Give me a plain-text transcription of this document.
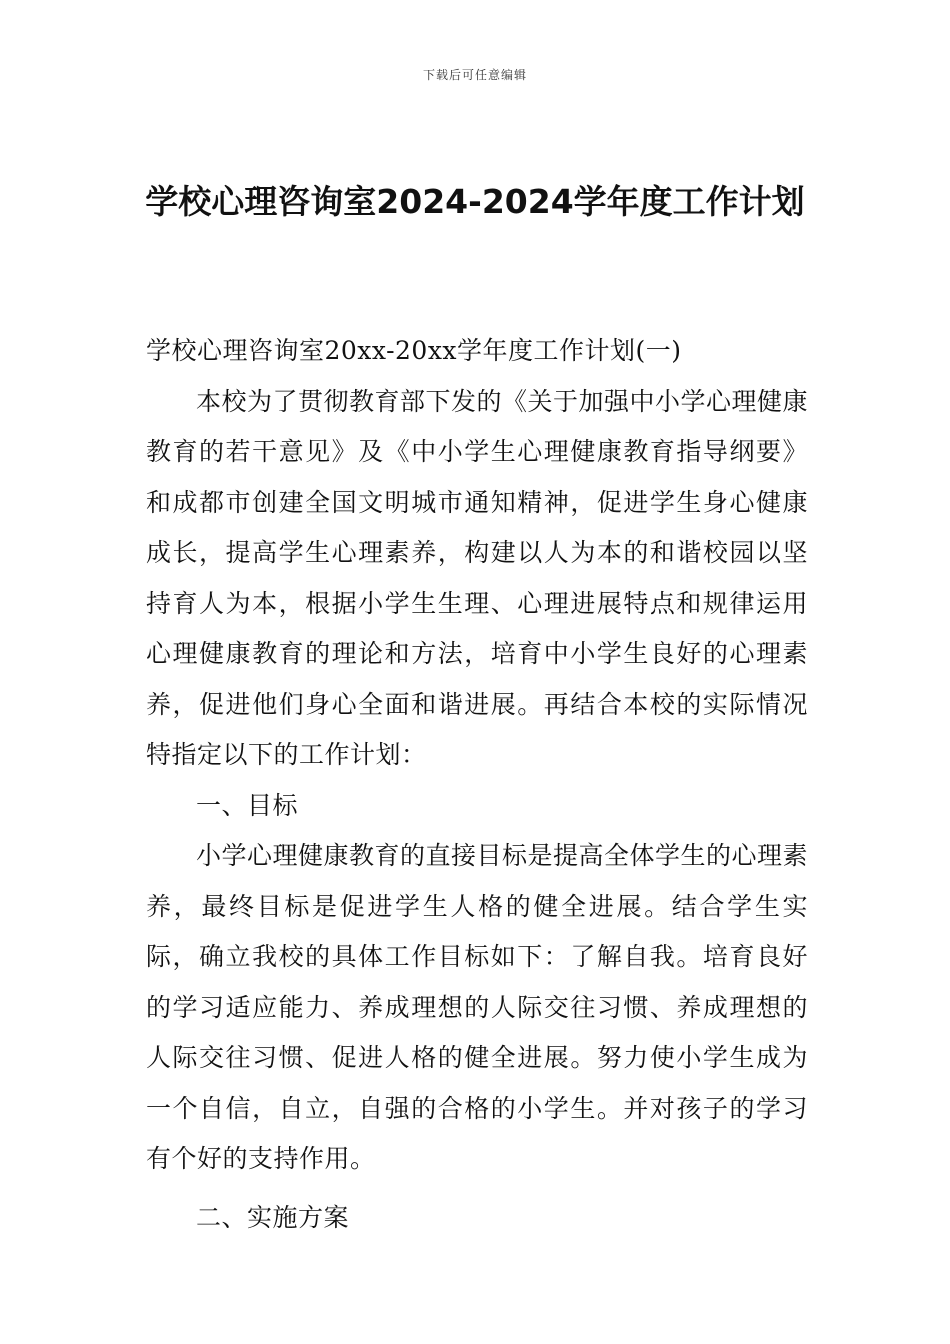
下载后可任意编辑
学校心理咨询室2024-2024学年度工作计划

学校心理咨询室20xx-20xx学年度工作计划(一)

本校为了贯彻教育部下发的《关于加强中小学心理健康教育的若干意见》及《中小学生心理健康教育指导纲要》和成都市创建全国文明城市通知精神，促进学生身心健康成长，提高学生心理素养，构建以人为本的和谐校园以坚持育人为本，根据小学生生理、心理进展特点和规律运用心理健康教育的理论和方法，培育中小学生良好的心理素养，促进他们身心全面和谐进展。再结合本校的实际情况特指定以下的工作计划：

一、目标

小学心理健康教育的直接目标是提高全体学生的心理素养，最终目标是促进学生人格的健全进展。结合学生实际，确立我校的具体工作目标如下：了解自我。培育良好的学习适应能力、养成理想的人际交往习惯、养成理想的人际交往习惯、促进人格的健全进展。努力使小学生成为一个自信，自立，自强的合格的小学生。并对孩子的学习有个好的支持作用。

二、实施方案
